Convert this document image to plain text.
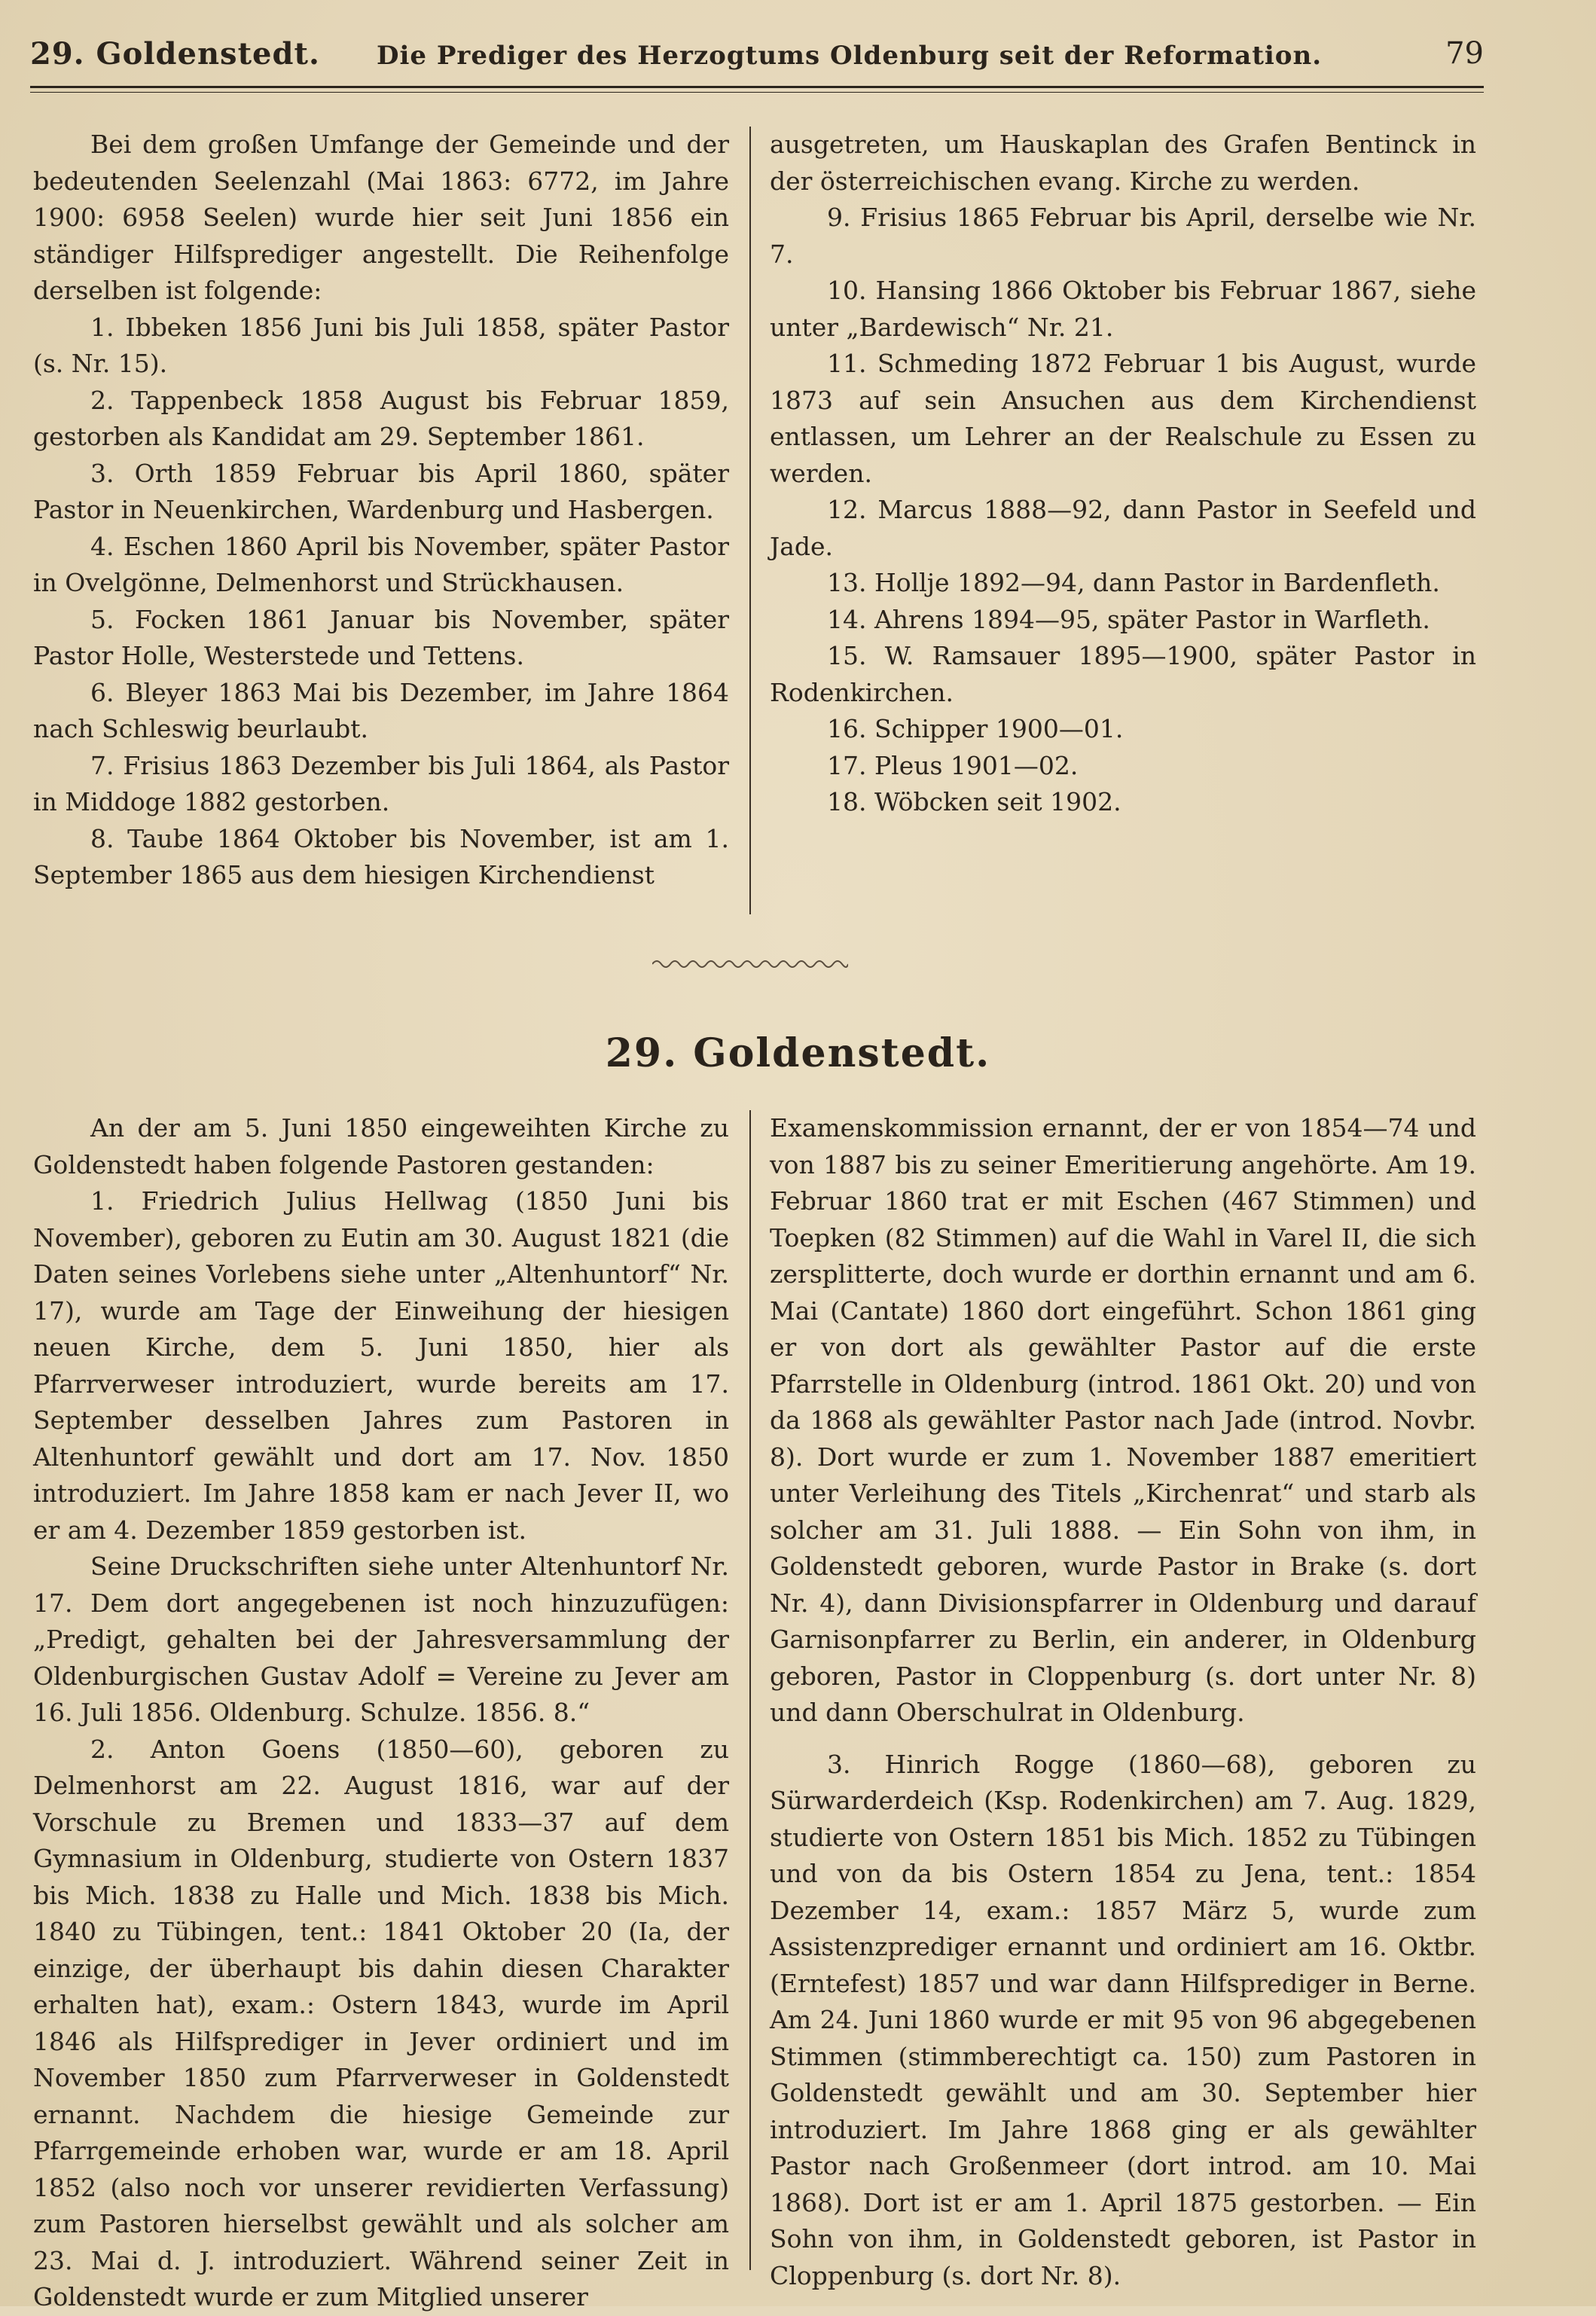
29. Goldenstedt. Die Prediger des Herzogtums Oldenburg seit der Reformation.	79

Bei dem großen Umfange der Gemeinde und der bedeutenden Seelenzahl (Mai 1863: 6772, im Jahre 1900: 6958 Seelen) wurde hier seit Juni 1856 ein ständiger Hilfsprediger angestellt. Die Reihenfolge derselben ist folgende:

1. Ibbeken 1856 Juni bis Juli 1858, später Pastor (s. Nr. 15).

2. Tappenbeck 1858 August bis Februar 1859, gestorben als Kandidat am 29. September 1861.

3. Orth 1859 Februar bis April 1860, später Pastor in Neuenkirchen, Wardenburg und Hasbergen.

4. Eschen 1860 April bis November, später Pastor in Ovelgönne, Delmenhorst und Strückhausen.

5. Focken 1861 Januar bis November, später Pastor Holle, Westerstede und Tettens.

6. Bleyer 1863 Mai bis Dezember, im Jahre 1864 nach Schleswig beurlaubt.

7. Frisius 1863 Dezember bis Juli 1864, als Pastor in Middoge 1882 gestorben.

8. Taube 1864 Oktober bis November, ist am 1. September 1865 aus dem hiesigen Kirchendienst

ausgetreten, um Hauskaplan des Grafen Bentinck in der österreichischen evang. Kirche zu werden.

9. Frisius 1865 Februar bis April, derselbe wie Nr. 7.

10. Hansing 1866 Oktober bis Februar 1867, siehe unter „Bardewisch“ Nr. 21.

11. Schmeding 1872 Februar 1 bis August, wurde 1873 auf sein Ansuchen aus dem Kirchendienst entlassen, um Lehrer an der Realschule zu Essen zu werden.

12. Marcus 1888—92, dann Pastor in Seefeld und Jade.

13. Hollje 1892—94, dann Pastor in Bardenfleth.

14. Ahrens 1894—95, später Pastor in Warfleth.

15. W. Ramsauer 1895—1900, später Pastor in Rodenkirchen.

16. Schipper 1900—01.

17. Pleus 1901—02.

18. Wöbcken seit 1902.

29. Goldenstedt.

An der am 5. Juni 1850 eingeweihten Kirche zu Goldenstedt haben folgende Pastoren gestanden:

1. Friedrich Julius Hellwag (1850 Juni bis November), geboren zu Eutin am 30. August 1821 (die Daten seines Vorlebens siehe unter „Altenhuntorf“ Nr. 17), wurde am Tage der Einweihung der hiesigen neuen Kirche, dem 5. Juni 1850, hier als Pfarrverweser introduziert, wurde bereits am 17. September desselben Jahres zum Pastoren in Altenhuntorf gewählt und dort am 17. Nov. 1850 introduziert. Im Jahre 1858 kam er nach Jever II, wo er am 4. Dezember 1859 gestorben ist.

Seine Druckschriften siehe unter Altenhuntorf Nr. 17. Dem dort angegebenen ist noch hinzuzufügen: „Predigt, gehalten bei der Jahresversammlung der Oldenburgischen Gustav Adolf = Vereine zu Jever am 16. Juli 1856. Oldenburg. Schulze. 1856. 8.“

2. Anton Goens (1850—60), geboren zu Delmenhorst am 22. August 1816, war auf der Vorschule zu Bremen und 1833—37 auf dem Gymnasium in Oldenburg, studierte von Ostern 1837 bis Mich. 1838 zu Halle und Mich. 1838 bis Mich. 1840 zu Tübingen, tent.: 1841 Oktober 20 (Ia, der einzige, der überhaupt bis dahin diesen Charakter erhalten hat), exam.: Ostern 1843, wurde im April 1846 als Hilfsprediger in Jever ordiniert und im November 1850 zum Pfarrverweser in Goldenstedt ernannt. Nachdem die hiesige Gemeinde zur Pfarrgemeinde erhoben war, wurde er am 18. April 1852 (also noch vor unserer revidierten Verfassung) zum Pastoren hierselbst gewählt und als solcher am 23. Mai d. J. introduziert. Während seiner Zeit in Goldenstedt wurde er zum Mitglied unserer

Examenskommission ernannt, der er von 1854—74 und von 1887 bis zu seiner Emeritierung angehörte. Am 19. Februar 1860 trat er mit Eschen (467 Stimmen) und Toepken (82 Stimmen) auf die Wahl in Varel II, die sich zersplitterte, doch wurde er dorthin ernannt und am 6. Mai (Cantate) 1860 dort eingeführt. Schon 1861 ging er von dort als gewählter Pastor auf die erste Pfarrstelle in Oldenburg (introd. 1861 Okt. 20) und von da 1868 als gewählter Pastor nach Jade (introd. Novbr. 8). Dort wurde er zum 1. November 1887 emeritiert unter Verleihung des Titels „Kirchenrat“ und starb als solcher am 31. Juli 1888. — Ein Sohn von ihm, in Goldenstedt geboren, wurde Pastor in Brake (s. dort Nr. 4), dann Divisionspfarrer in Oldenburg und darauf Garnisonpfarrer zu Berlin, ein anderer, in Oldenburg geboren, Pastor in Cloppenburg (s. dort unter Nr. 8) und dann Oberschulrat in Oldenburg.

3. Hinrich Rogge (1860—68), geboren zu Sürwarderdeich (Ksp. Rodenkirchen) am 7. Aug. 1829, studierte von Ostern 1851 bis Mich. 1852 zu Tübingen und von da bis Ostern 1854 zu Jena, tent.: 1854 Dezember 14, exam.: 1857 März 5, wurde zum Assistenzprediger ernannt und ordiniert am 16. Oktbr. (Erntefest) 1857 und war dann Hilfsprediger in Berne. Am 24. Juni 1860 wurde er mit 95 von 96 abgegebenen Stimmen (stimmberechtigt ca. 150) zum Pastoren in Goldenstedt gewählt und am 30. September hier introduziert. Im Jahre 1868 ging er als gewählter Pastor nach Großenmeer (dort introd. am 10. Mai 1868). Dort ist er am 1. April 1875 gestorben. — Ein Sohn von ihm, in Goldenstedt geboren, ist Pastor in Cloppenburg (s. dort Nr. 8).
